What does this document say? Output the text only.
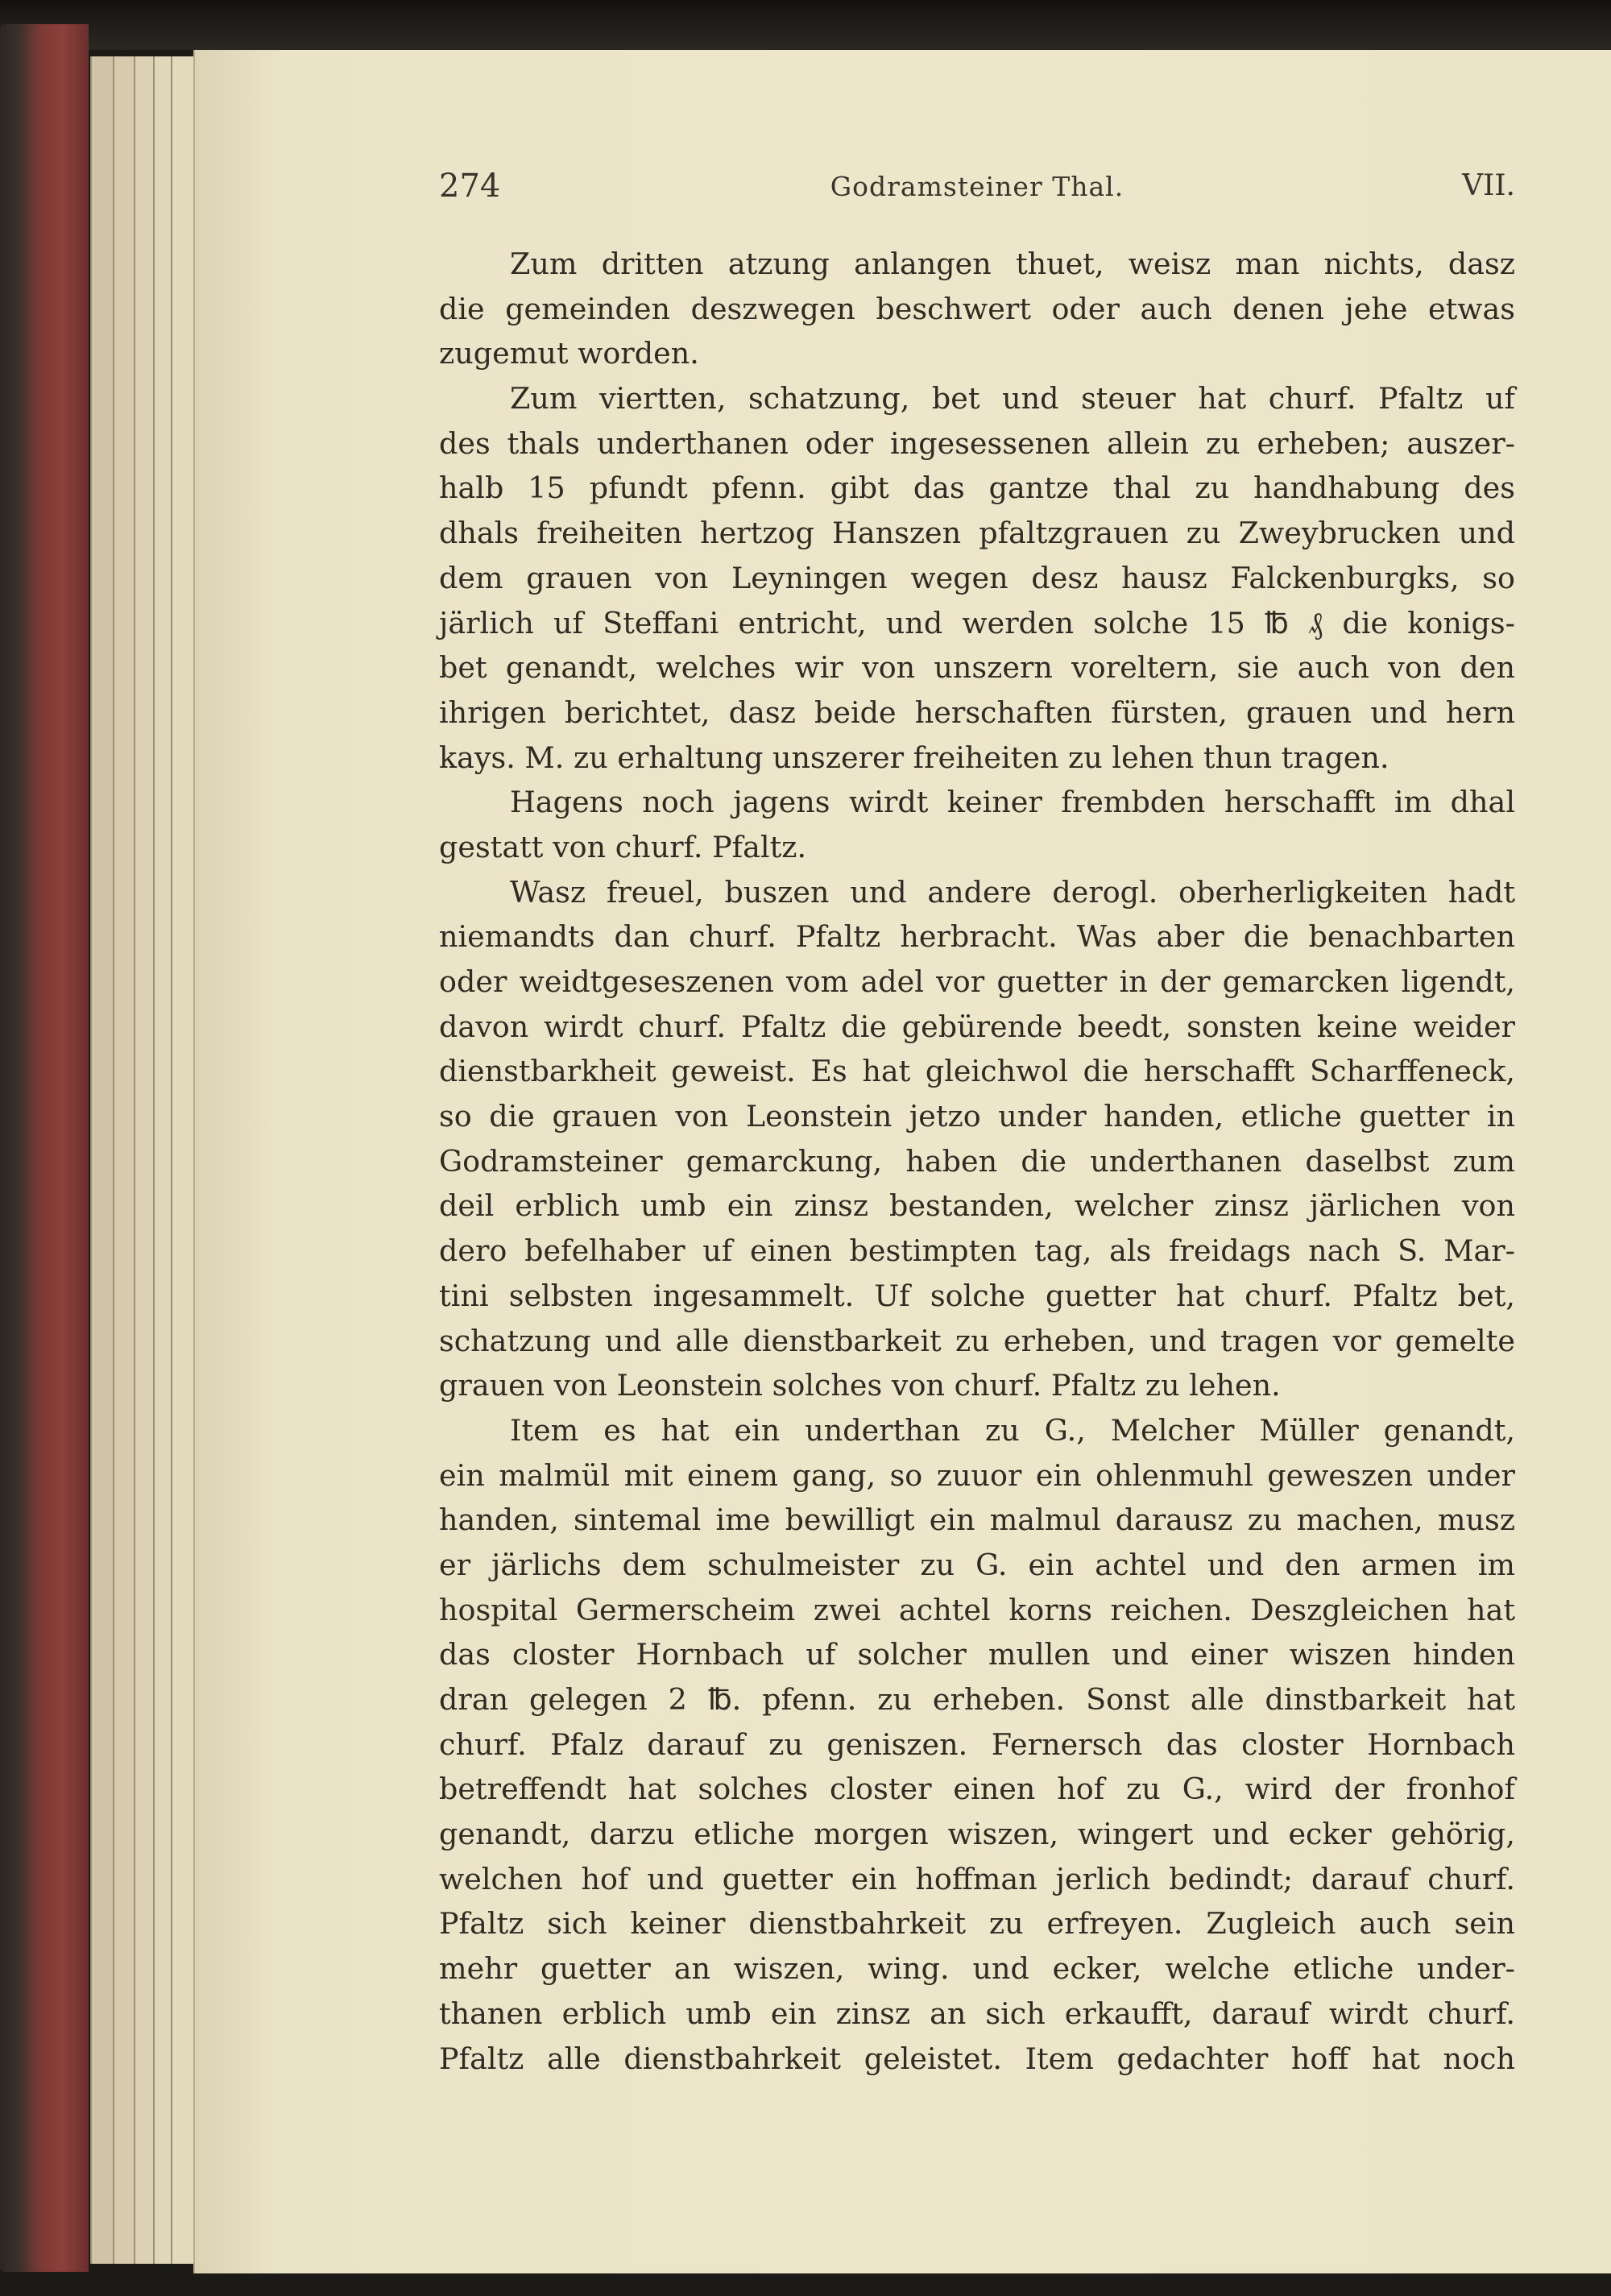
274	Godramsteiner Thal.	VII.
Zum dritten atzung anlangen thuet, weisz man nichts, dasz
die gemeinden deszwegen beschwert oder auch denen jehe etwas
zugemut worden.
Zum viertten, schatzung, bet und steuer hat churf. Pfaltz uf
des thals underthanen oder ingesessenen allein zu erheben; auszer-
halb 15 pfundt pfenn. gibt das gantze thal zu handhabung des
dhals freiheiten hertzog Hanszen pfaltzgrauen zu Zweybrucken und
dem grauen von Leyningen wegen desz hausz Falckenburgks, so
järlich uf Steffani entricht, und werden solche 15 ℔ ₰ die konigs-
bet genandt, welches wir von unszern voreltern, sie auch von den
ihrigen berichtet, dasz beide herschaften fürsten, grauen und hern
kays. M. zu erhaltung unszerer freiheiten zu lehen thun tragen.
Hagens noch jagens wirdt keiner frembden herschafft im dhal
gestatt von churf. Pfaltz.
Wasz freuel, buszen und andere derogl. oberherligkeiten hadt
niemandts dan churf. Pfaltz herbracht. Was aber die benachbarten
oder weidtgeseszenen vom adel vor guetter in der gemarcken ligendt,
davon wirdt churf. Pfaltz die gebürende beedt, sonsten keine weider
dienstbarkheit geweist. Es hat gleichwol die herschafft Scharffeneck,
so die grauen von Leonstein jetzo under handen, etliche guetter in
Godramsteiner gemarckung, haben die underthanen daselbst zum
deil erblich umb ein zinsz bestanden, welcher zinsz järlichen von
dero befelhaber uf einen bestimpten tag, als freidags nach S. Mar-
tini selbsten ingesammelt. Uf solche guetter hat churf. Pfaltz bet,
schatzung und alle dienstbarkeit zu erheben, und tragen vor gemelte
grauen von Leonstein solches von churf. Pfaltz zu lehen.
Item es hat ein underthan zu G., Melcher Müller genandt,
ein malmül mit einem gang, so zuuor ein ohlenmuhl geweszen under
handen, sintemal ime bewilligt ein malmul darausz zu machen, musz
er järlichs dem schulmeister zu G. ein achtel und den armen im
hospital Germerscheim zwei achtel korns reichen. Deszgleichen hat
das closter Hornbach uf solcher mullen und einer wiszen hinden
dran gelegen 2 ℔. pfenn. zu erheben. Sonst alle dinstbarkeit hat
churf. Pfalz darauf zu geniszen. Fernersch das closter Hornbach
betreffendt hat solches closter einen hof zu G., wird der fronhof
genandt, darzu etliche morgen wiszen, wingert und ecker gehörig,
welchen hof und guetter ein hoffman jerlich bedindt; darauf churf.
Pfaltz sich keiner dienstbahrkeit zu erfreyen. Zugleich auch sein
mehr guetter an wiszen, wing. und ecker, welche etliche under-
thanen erblich umb ein zinsz an sich erkaufft, darauf wirdt churf.
Pfaltz alle dienstbahrkeit geleistet. Item gedachter hoff hat noch
